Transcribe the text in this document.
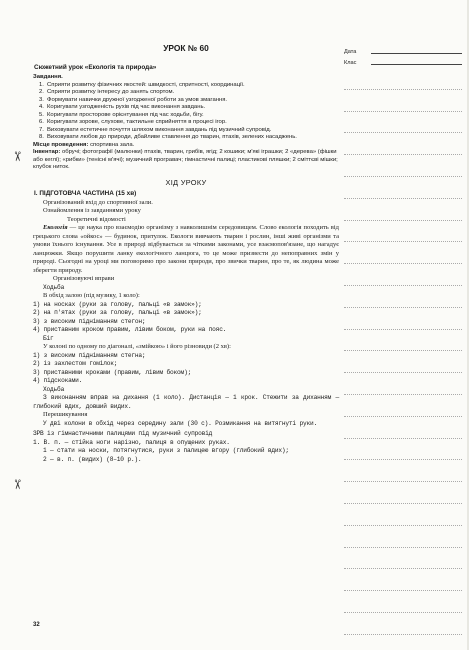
УРОК № 60
Сюжетний урок «Екологія та природа»
Завдання.
1. Сприяти розвитку фізичних якостей: швидкості, спритності, координації.
2. Сприяти розвитку інтересу до занять спортом.
3. Формувати навички дружної узгодженої роботи за умов змагання.
4. Коригувати узгодженість рухів під час виконання завдань.
5. Коригувати просторове орієнтування під час ходьби, бігу.
6. Коригувати зорове, слухове, тактильне сприйняття в процесі ігор.
7. Виховувати естетичне почуття шляхом виконання завдань під музичний супровід.
8. Виховувати любов до природи, дбайливе ставлення до тварин, птахів, зелених насаджень.
Місце проведення: спортивна зала.
Інвентар: обручі; фотографії (малюнки) птахів, тварин, грибів, ягід; 2 кошики; м'які іграшки; 2 «дерева» (фішки або кеглі); «рибки» (тенісні м'ячі); музичний програвач; гімнастичні палиці; пластикові пляшки; 2 сміттєві мішки; клубок ниток.
ХІД УРОКУ
І. ПІДГОТОВЧА ЧАСТИНА (15 хв)

Організований вхід до спортивної зали.

Ознайомлення із завданнями уроку

Теоретичні відомості

Екологія — це наука про взаємодію організму з навколишнім середовищем. Слово екологія походить від грецького слова «ойкос» — будинок, притулок. Екологи вивчають тварин і рослин, інші живі організми та умови їхнього існування. Усе в природі відбувається за чіткими законами, усе взаємопов'язане, що нагадує ланцюжки. Якщо порушити ланку екологічного ланцюга, то це може призвести до непоправних змін у природі. Сьогодні на уроці ми поговоримо про закони природи, про звички тварин, про те, як людина може зберегти природу.

Організовуючі вправи

Ходьба

В обхід залою (під музику, 1 коло):

1) на носках (руки за голову, пальці «в замок»);

2) на п'ятах (руки за голову, пальці «в замок»);

3) з високим підніманням стегон;

4) приставним кроком правим, лівим боком, руки на пояс.

Біг

У колоні по одному по діагоналі, «змійкою» і його різновиди (2 хв):

1) з високим підніманням стегна;

2) із захлестом гомілок;

3) приставними кроками (правим, лівим боком);

4) підскоками.

Ходьба

З виконанням вправ на дихання (1 коло). Дистанція — 1 крок. Стежити за диханням — глибокий вдих, довший видих.

Перешикування

У дві колони в обхід через середину зали (30 с). Розмикання на витягнуті руки.

ЗРВ із гімнастичними палицями під музичний супровід

1. В. п. — стійка ноги нарізно, палиця в опущених руках.

1 — стати на носки, потягнутися, руки з палицею вгору (глибокий вдих);

2 — в. п. (видих) (8–10 р.).

Дата
Клас
✂
✂
32
